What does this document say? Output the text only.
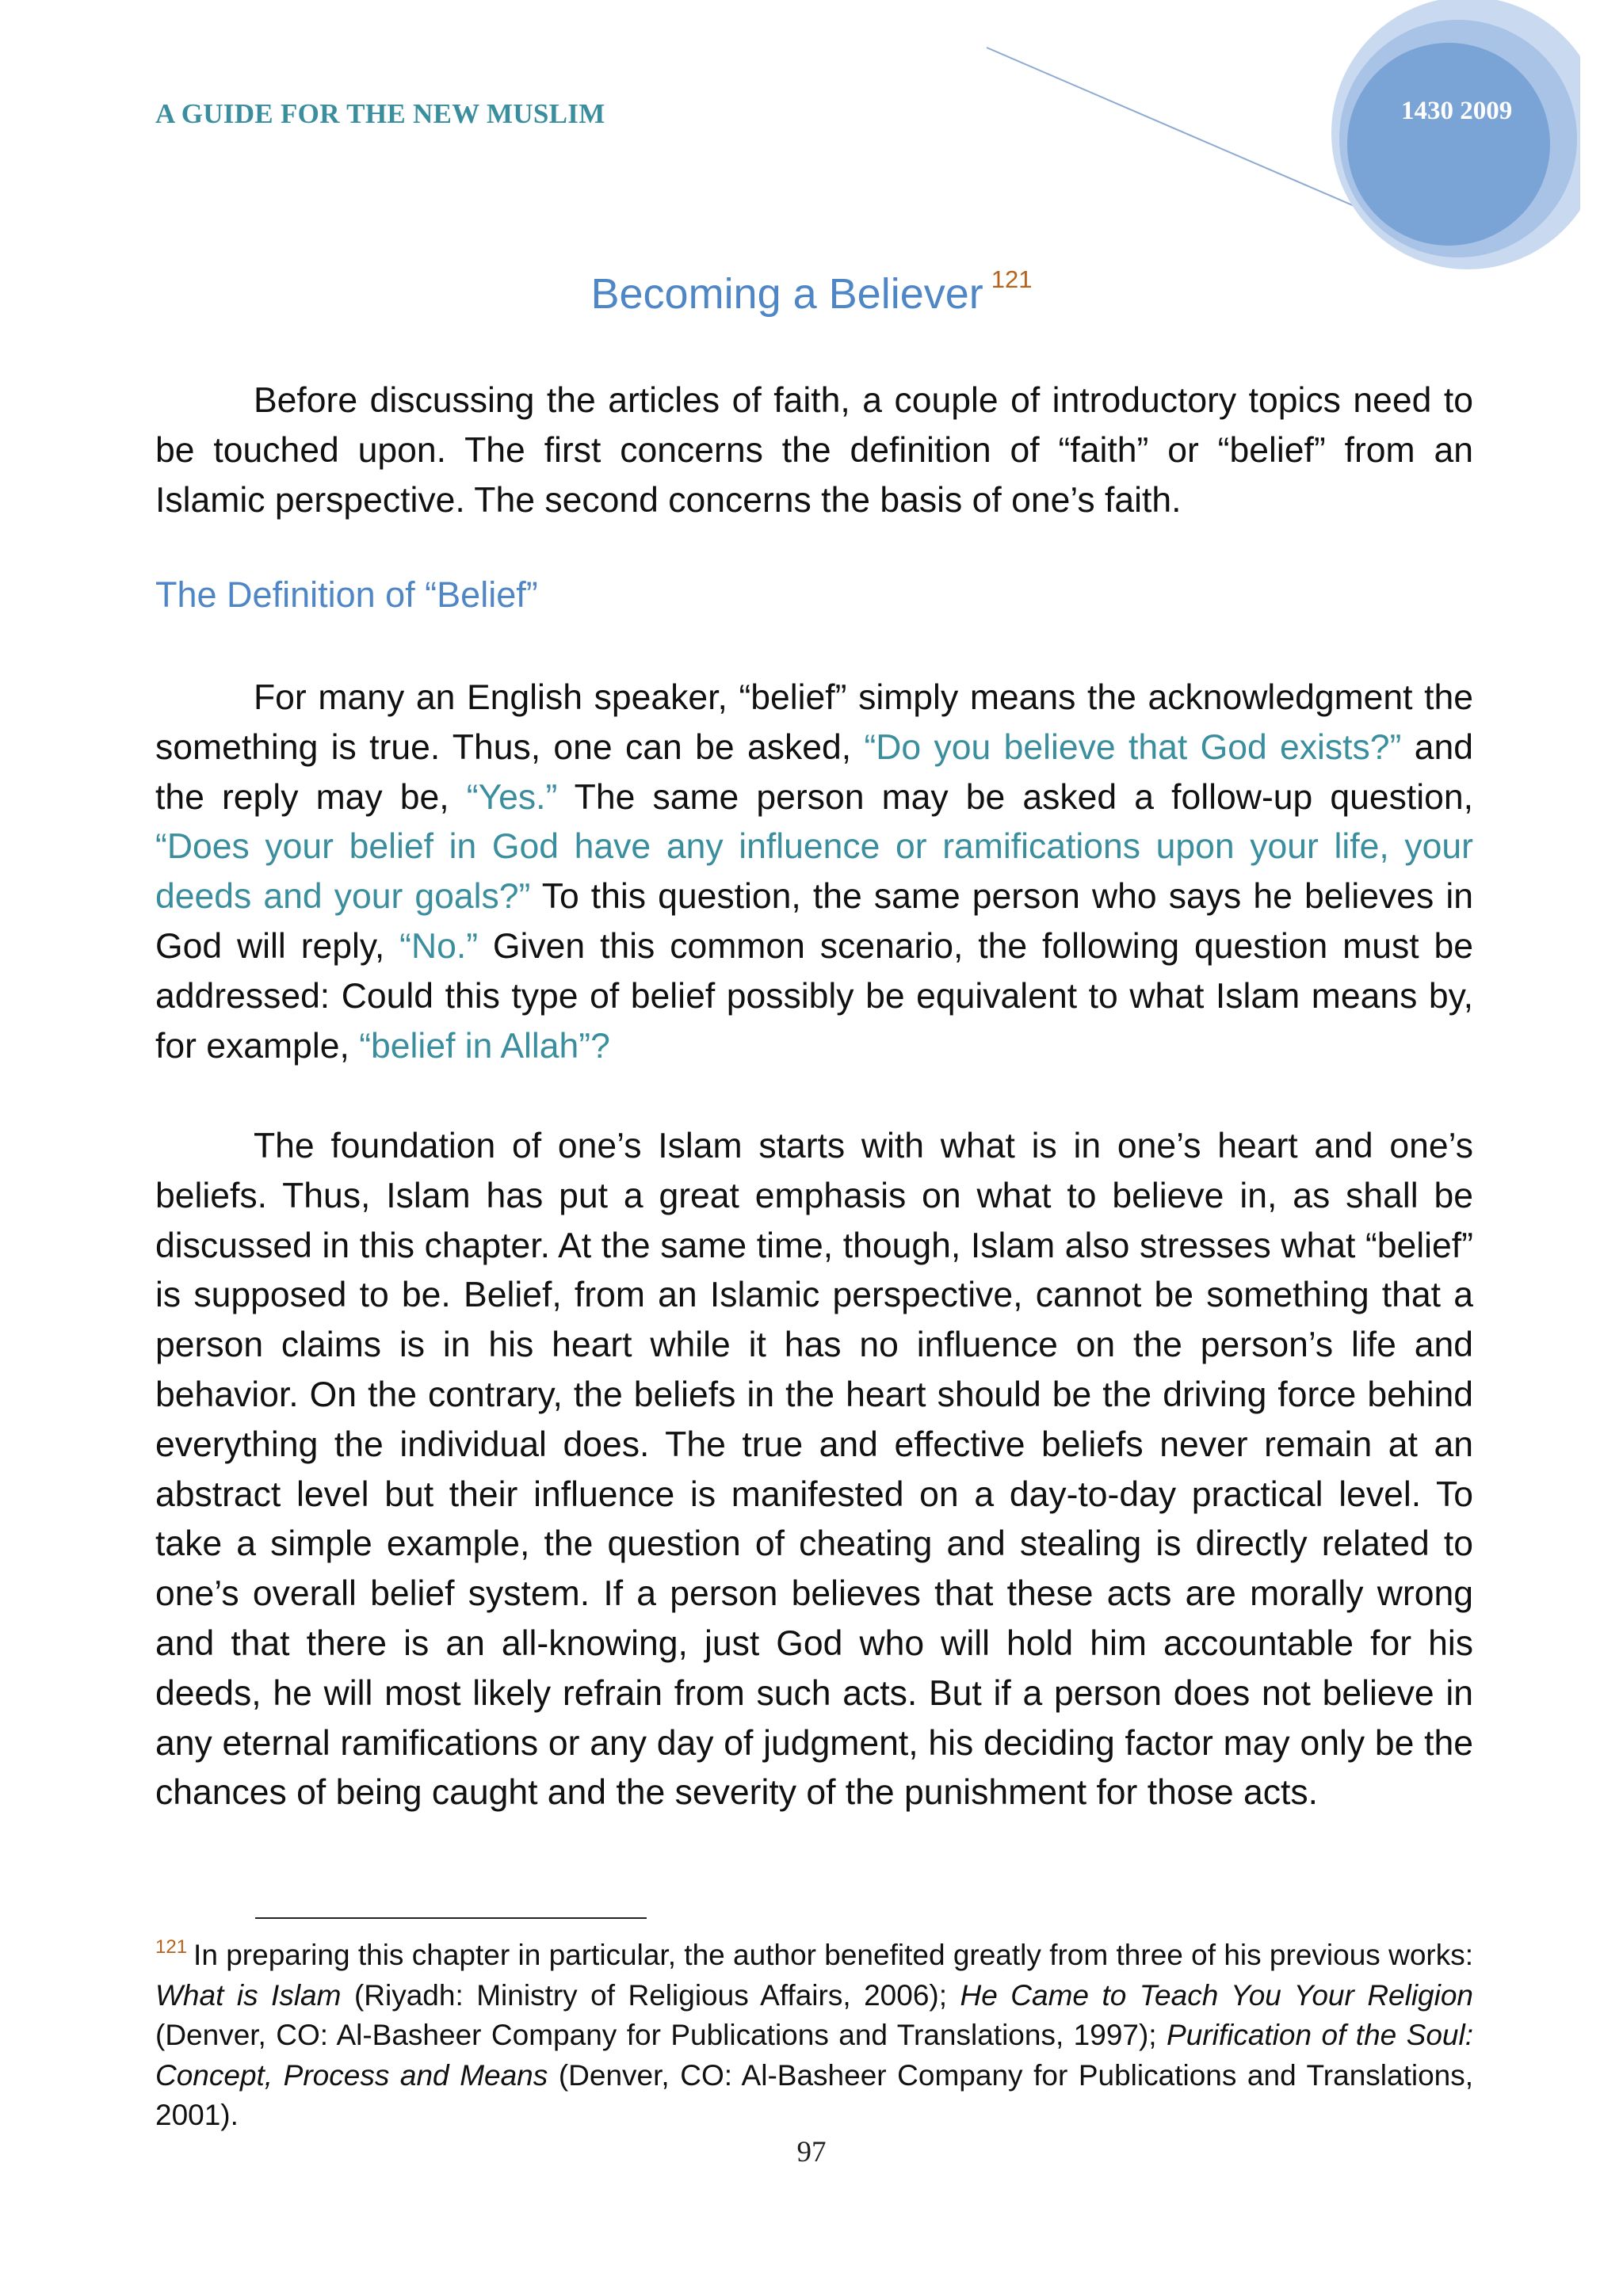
A GUIDE FOR THE NEW MUSLIM	1430 2009
Becoming a Believer $^{121}$
Before discussing the articles of faith, a couple of introductory topics need to be touched upon. The first concerns the definition of “faith” or “belief” from an Islamic perspective. The second concerns the basis of one’s faith.
The Definition of “Belief”
For many an English speaker, “belief” simply means the acknowledgment the something is true. Thus, one can be asked, “Do you believe that God exists?” and the reply may be, “Yes.” The same person may be asked a follow-up question, “Does your belief in God have any influence or ramifications upon your life, your deeds and your goals?” To this question, the same person who says he believes in God will reply, “No.” Given this common scenario, the following question must be addressed: Could this type of belief possibly be equivalent to what Islam means by, for example, “belief in Allah”?
The foundation of one’s Islam starts with what is in one’s heart and one’s beliefs. Thus, Islam has put a great emphasis on what to believe in, as shall be discussed in this chapter. At the same time, though, Islam also stresses what “belief” is supposed to be. Belief, from an Islamic perspective, cannot be something that a person claims is in his heart while it has no influence on the person’s life and behavior. On the contrary, the beliefs in the heart should be the driving force behind everything the individual does. The true and effective beliefs never remain at an abstract level but their influence is manifested on a day-to-day practical level. To take a simple example, the question of cheating and stealing is directly related to one’s overall belief system. If a person believes that these acts are morally wrong and that there is an all-knowing, just God who will hold him accountable for his deeds, he will most likely refrain from such acts. But if a person does not believe in any eternal ramifications or any day of judgment, his deciding factor may only be the chances of being caught and the severity of the punishment for those acts.
$^{121}$ In preparing this chapter in particular, the author benefited greatly from three of his previous works: What is Islam (Riyadh: Ministry of Religious Affairs, 2006); He Came to Teach You Your Religion (Denver, CO: Al-Basheer Company for Publications and Translations, 1997); Purification of the Soul: Concept, Process and Means (Denver, CO: Al-Basheer Company for Publications and Translations, 2001).
97
